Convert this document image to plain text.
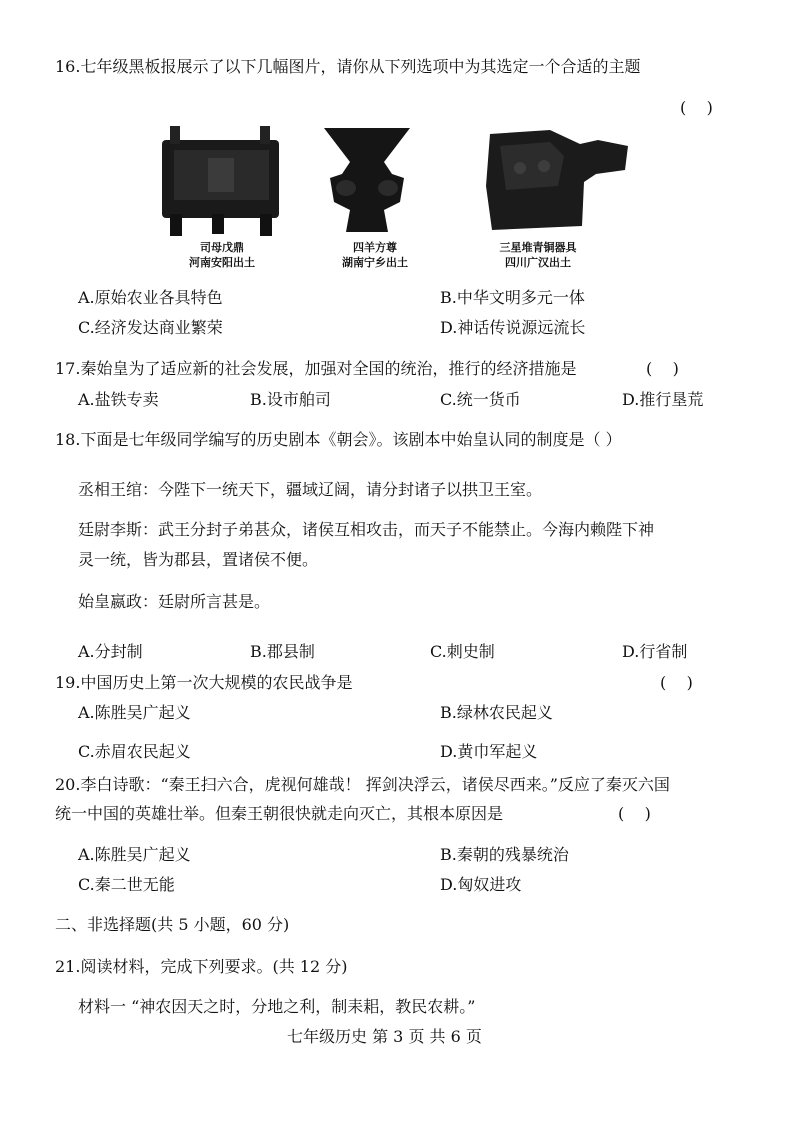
16.七年级黑板报展示了以下几幅图片，请你从下列选项中为其选定一个合适的主题
(    )
司母戊鼎
河南安阳出土
四羊方尊
湖南宁乡出土
三星堆青铜器具
四川广汉出土
A.原始农业各具特色	B.中华文明多元一体
C.经济发达商业繁荣	D.神话传说源远流长
17.秦始皇为了适应新的社会发展，加强对全国的统治，推行的经济措施是	(    )
A.盐铁专卖	B.设市舶司	C.统一货币	D.推行垦荒
18.下面是七年级同学编写的历史剧本《朝会》。该剧本中始皇认同的制度是（ ）
丞相王绾：今陛下一统天下，疆域辽阔，请分封诸子以拱卫王室。
廷尉李斯：武王分封子弟甚众，诸侯互相攻击，而天子不能禁止。今海内赖陛下神
灵一统，皆为郡县，置诸侯不便。
始皇嬴政：廷尉所言甚是。
A.分封制	B.郡县制	C.刺史制	D.行省制
19.中国历史上第一次大规模的农民战争是	(    )
A.陈胜吴广起义	B.绿林农民起义
C.赤眉农民起义	D.黄巾军起义
20.李白诗歌：“秦王扫六合，虎视何雄哉！ 挥剑决浮云，诸侯尽西来。”反应了秦灭六国
统一中国的英雄壮举。但秦王朝很快就走向灭亡，其根本原因是	(    )
A.陈胜吴广起义	B.秦朝的残暴统治
C.秦二世无能	D.匈奴进攻
二、非选择题(共 5 小题，60 分)
21.阅读材料，完成下列要求。(共 12 分)
材料一 “神农因天之时，分地之利，制耒耜，教民农耕。”
七年级历史 第 3 页 共 6 页
